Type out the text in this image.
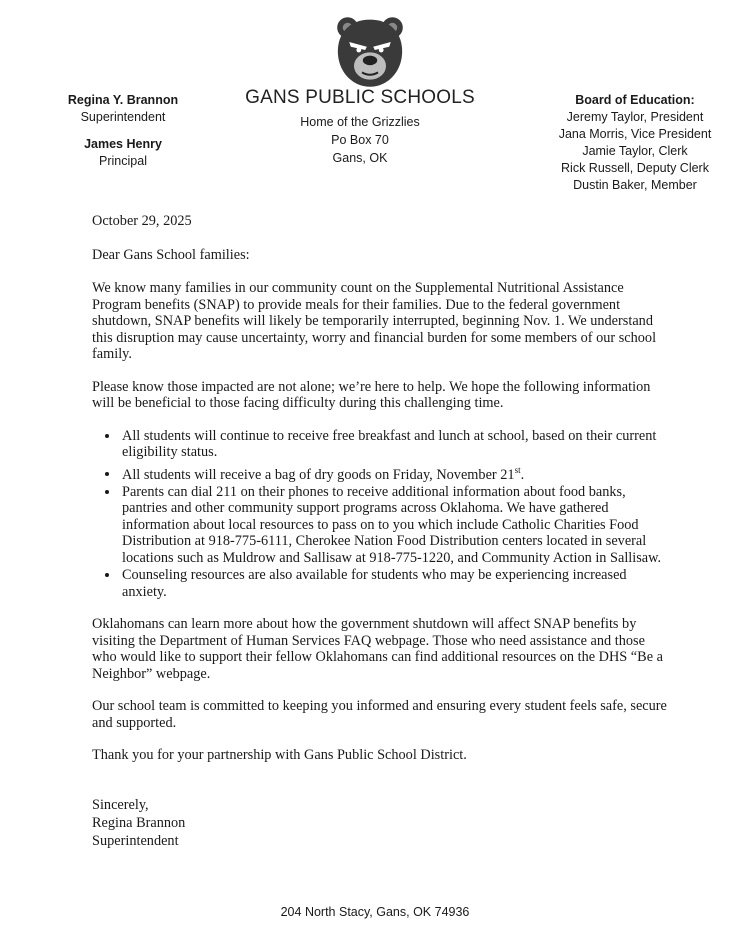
Regina Y. Brannon
Superintendent
James Henry
Principal
GANS PUBLIC SCHOOLS
Home of the Grizzlies
Po Box 70
Gans, OK
Board of Education:
Jeremy Taylor, President
Jana Morris, Vice President
Jamie Taylor, Clerk
Rick Russell, Deputy Clerk
Dustin Baker, Member

October 29, 2025

Dear Gans School families:

We know many families in our community count on the Supplemental Nutritional Assistance Program benefits (SNAP) to provide meals for their families. Due to the federal government shutdown, SNAP benefits will likely be temporarily interrupted, beginning Nov. 1. We understand this disruption may cause uncertainty, worry and financial burden for some members of our school family.

Please know those impacted are not alone; we’re here to help. We hope the following information will be beneficial to those facing difficulty during this challenging time.

• All students will continue to receive free breakfast and lunch at school, based on their current eligibility status.
• All students will receive a bag of dry goods on Friday, November 21st.
• Parents can dial 211 on their phones to receive additional information about food banks, pantries and other community support programs across Oklahoma. We have gathered information about local resources to pass on to you which include Catholic Charities Food Distribution at 918-775-6111, Cherokee Nation Food Distribution centers located in several locations such as Muldrow and Sallisaw at 918-775-1220, and Community Action in Sallisaw.
• Counseling resources are also available for students who may be experiencing increased anxiety.

Oklahomans can learn more about how the government shutdown will affect SNAP benefits by visiting the Department of Human Services FAQ webpage. Those who need assistance and those who would like to support their fellow Oklahomans can find additional resources on the DHS “Be a Neighbor” webpage.

Our school team is committed to keeping you informed and ensuring every student feels safe, secure and supported.

Thank you for your partnership with Gans Public School District.

Sincerely,
Regina Brannon
Superintendent
204 North Stacy, Gans, OK 74936
